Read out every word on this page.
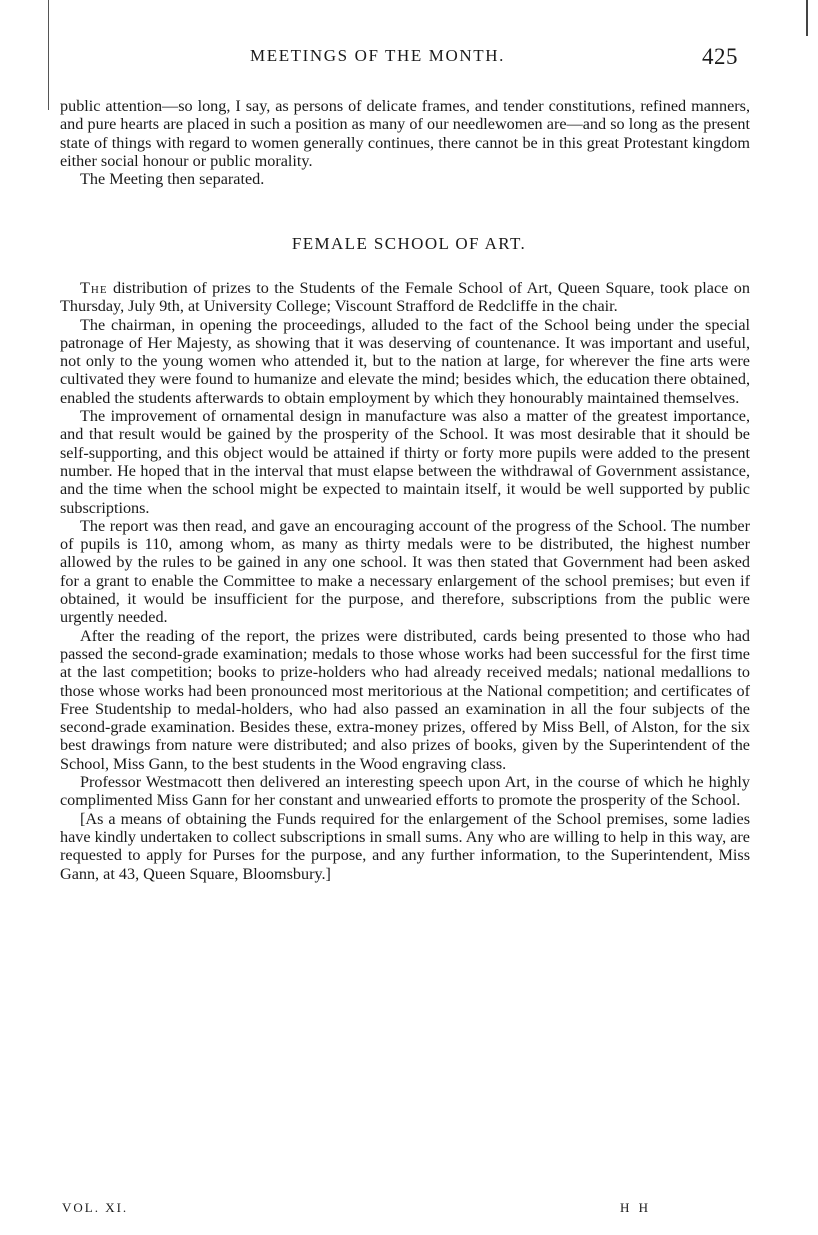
MEETINGS OF THE MONTH.	425

public attention—so long, I say, as persons of delicate frames, and tender constitutions, refined manners, and pure hearts are placed in such a position as many of our needlewomen are—and so long as the present state of things with regard to women generally continues, there cannot be in this great Protestant kingdom either social honour or public morality.

The Meeting then separated.

FEMALE SCHOOL OF ART.

The distribution of prizes to the Students of the Female School of Art, Queen Square, took place on Thursday, July 9th, at University College; Viscount Strafford de Redcliffe in the chair.

The chairman, in opening the proceedings, alluded to the fact of the School being under the special patronage of Her Majesty, as showing that it was deserving of countenance. It was important and useful, not only to the young women who attended it, but to the nation at large, for wherever the fine arts were cultivated they were found to humanize and elevate the mind; besides which, the education there obtained, enabled the students afterwards to obtain employment by which they honourably maintained themselves.

The improvement of ornamental design in manufacture was also a matter of the greatest importance, and that result would be gained by the prosperity of the School. It was most desirable that it should be self-supporting, and this object would be attained if thirty or forty more pupils were added to the present number. He hoped that in the interval that must elapse between the withdrawal of Government assistance, and the time when the school might be expected to maintain itself, it would be well supported by public subscriptions.

The report was then read, and gave an encouraging account of the progress of the School. The number of pupils is 110, among whom, as many as thirty medals were to be distributed, the highest number allowed by the rules to be gained in any one school. It was then stated that Government had been asked for a grant to enable the Committee to make a necessary enlargement of the school premises; but even if obtained, it would be insufficient for the purpose, and therefore, subscriptions from the public were urgently needed.

After the reading of the report, the prizes were distributed, cards being presented to those who had passed the second-grade examination; medals to those whose works had been successful for the first time at the last competition; books to prize-holders who had already received medals; national medallions to those whose works had been pronounced most meritorious at the National competition; and certificates of Free Studentship to medal-holders, who had also passed an examination in all the four subjects of the second-grade examination. Besides these, extra-money prizes, offered by Miss Bell, of Alston, for the six best drawings from nature were distributed; and also prizes of books, given by the Superintendent of the School, Miss Gann, to the best students in the Wood engraving class.

Professor Westmacott then delivered an interesting speech upon Art, in the course of which he highly complimented Miss Gann for her constant and unwearied efforts to promote the prosperity of the School.

[As a means of obtaining the Funds required for the enlargement of the School premises, some ladies have kindly undertaken to collect subscriptions in small sums. Any who are willing to help in this way, are requested to apply for Purses for the purpose, and any further information, to the Superintendent, Miss Gann, at 43, Queen Square, Bloomsbury.]

VOL. XI.	H H
